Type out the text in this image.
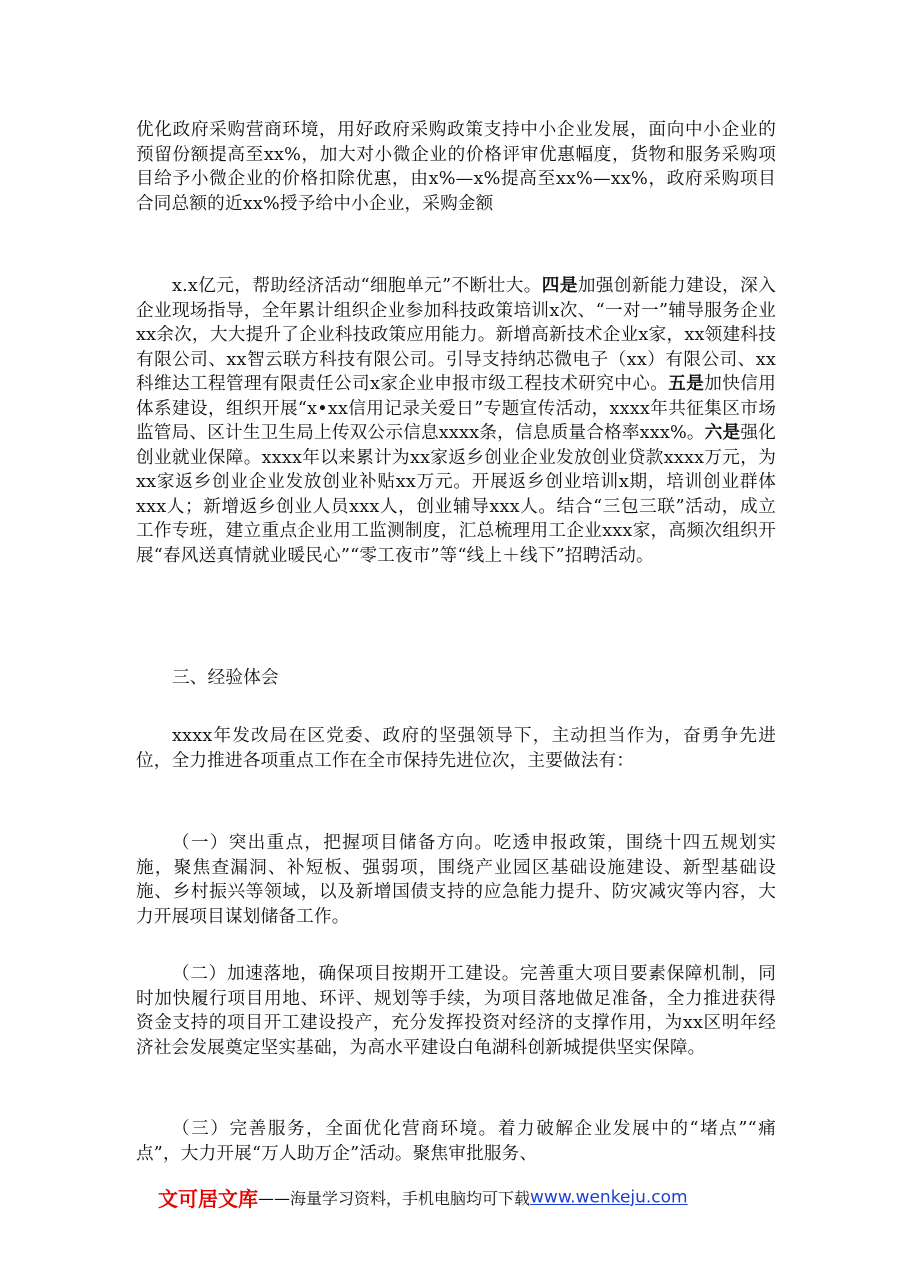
优化政府采购营商环境，用好政府采购政策支持中小企业发展，面向中小企业的预留份额提高至xx%，加大对小微企业的价格评审优惠幅度，货物和服务采购项目给予小微企业的价格扣除优惠，由x%—x%提高至xx%—xx%，政府采购项目合同总额的近xx%授予给中小企业，采购金额

x.x亿元，帮助经济活动“细胞单元”不断壮大。四是加强创新能力建设，深入企业现场指导，全年累计组织企业参加科技政策培训x次、“一对一”辅导服务企业xx余次，大大提升了企业科技政策应用能力。新增高新技术企业x家，xx领建科技有限公司、xx智云联方科技有限公司。引导支持纳芯微电子（xx）有限公司、xx科维达工程管理有限责任公司x家企业申报市级工程技术研究中心。五是加快信用体系建设，组织开展“x•xx信用记录关爱日”专题宣传活动，xxxx年共征集区市场监管局、区计生卫生局上传双公示信息xxxx条，信息质量合格率xxx%。六是强化创业就业保障。xxxx年以来累计为xx家返乡创业企业发放创业贷款xxxx万元，为xx家返乡创业企业发放创业补贴xx万元。开展返乡创业培训x期，培训创业群体xxx人；新增返乡创业人员xxx人，创业辅导xxx人。结合“三包三联”活动，成立工作专班，建立重点企业用工监测制度，汇总梳理用工企业xxx家，高频次组织开展“春风送真情就业暖民心”“零工夜市”等“线上＋线下”招聘活动。

三、经验体会

xxxx年发改局在区党委、政府的坚强领导下，主动担当作为，奋勇争先进位，全力推进各项重点工作在全市保持先进位次，主要做法有：

（一）突出重点，把握项目储备方向。吃透申报政策，围绕十四五规划实施，聚焦查漏洞、补短板、强弱项，围绕产业园区基础设施建设、新型基础设施、乡村振兴等领域，以及新增国债支持的应急能力提升、防灾减灾等内容，大力开展项目谋划储备工作。

（二）加速落地，确保项目按期开工建设。完善重大项目要素保障机制，同时加快履行项目用地、环评、规划等手续，为项目落地做足准备，全力推进获得资金支持的项目开工建设投产，充分发挥投资对经济的支撑作用，为xx区明年经济社会发展奠定坚实基础，为高水平建设白龟湖科创新城提供坚实保障。

（三）完善服务，全面优化营商环境。着力破解企业发展中的“堵点”“痛点”，大力开展“万人助万企”活动。聚焦审批服务、

文可居文库——海量学习资料，手机电脑均可下载www.wenkeju.com
